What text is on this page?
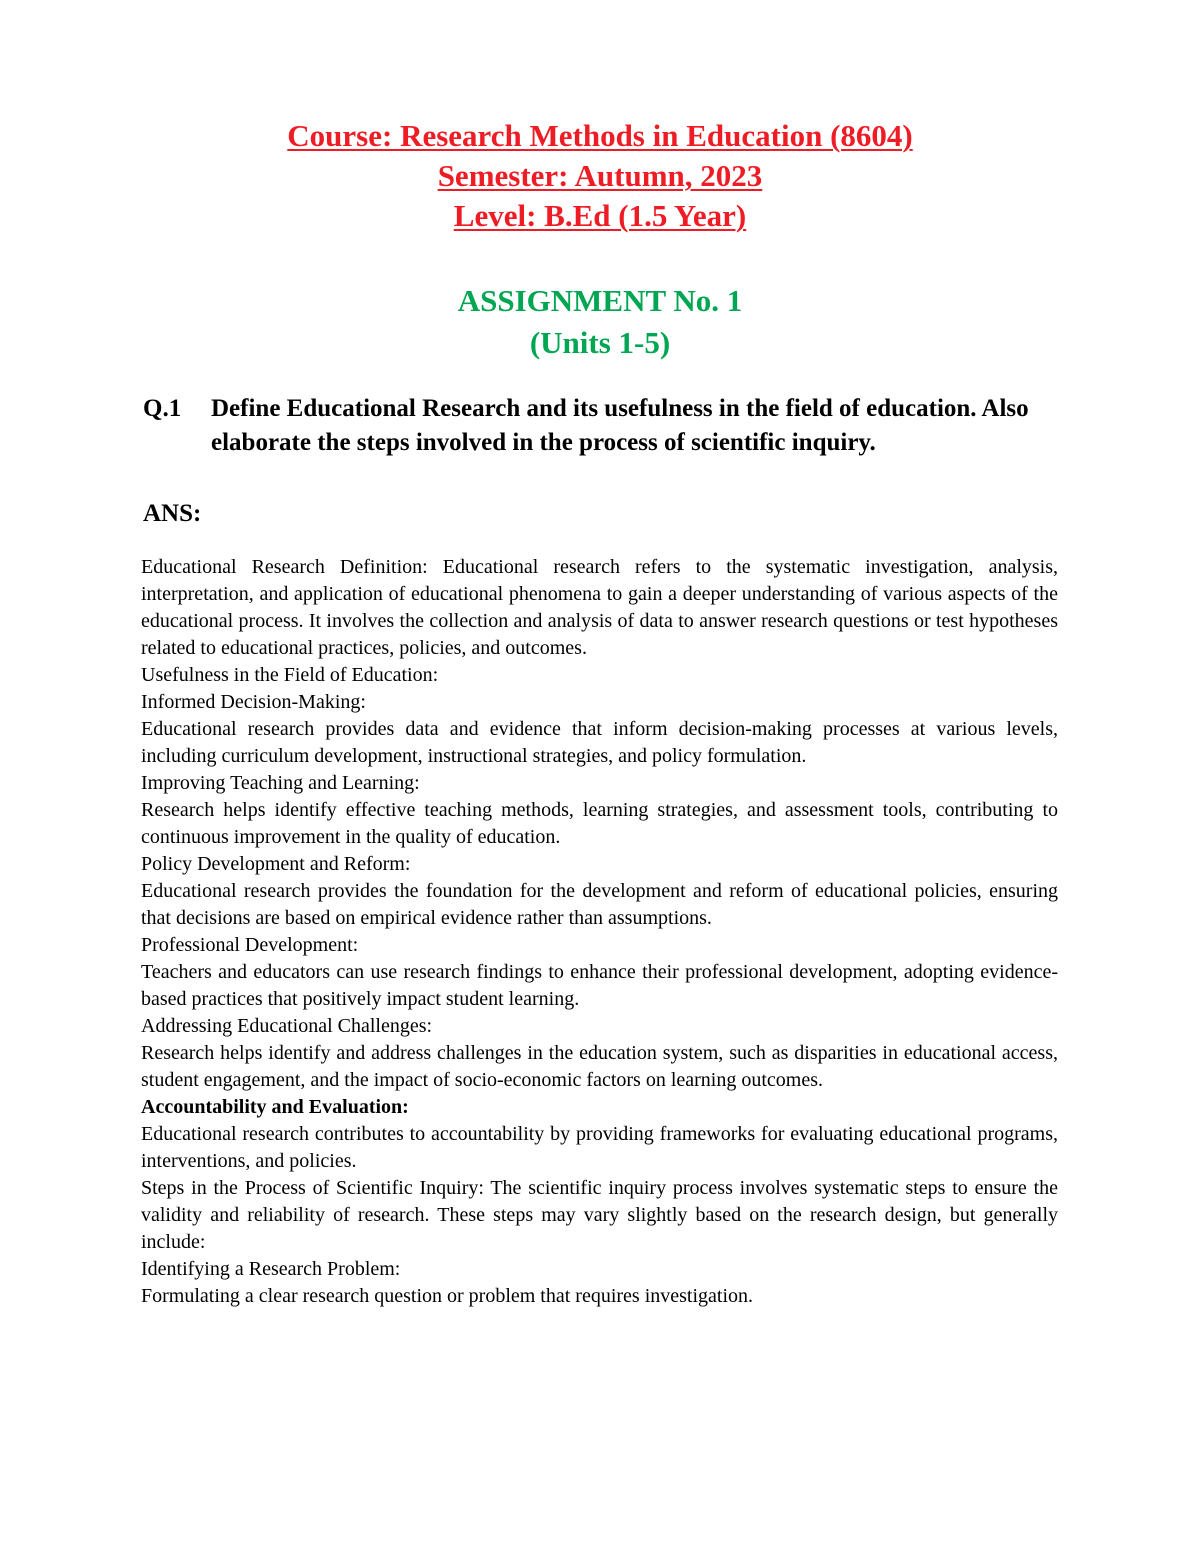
Course: Research Methods in Education (8604)
Semester: Autumn, 2023
Level: B.Ed (1.5 Year)
ASSIGNMENT No. 1
(Units 1-5)
Q.1 Define Educational Research and its usefulness in the field of education. Also elaborate the steps involved in the process of scientific inquiry.
ANS:

Educational Research Definition: Educational research refers to the systematic investigation, analysis, interpretation, and application of educational phenomena to gain a deeper understanding of various aspects of the educational process. It involves the collection and analysis of data to answer research questions or test hypotheses related to educational practices, policies, and outcomes.

Usefulness in the Field of Education:

Informed Decision-Making:

Educational research provides data and evidence that inform decision-making processes at various levels, including curriculum development, instructional strategies, and policy formulation.

Improving Teaching and Learning:

Research helps identify effective teaching methods, learning strategies, and assessment tools, contributing to continuous improvement in the quality of education.

Policy Development and Reform:

Educational research provides the foundation for the development and reform of educational policies, ensuring that decisions are based on empirical evidence rather than assumptions.

Professional Development:

Teachers and educators can use research findings to enhance their professional development, adopting evidence-based practices that positively impact student learning.

Addressing Educational Challenges:

Research helps identify and address challenges in the education system, such as disparities in educational access, student engagement, and the impact of socio-economic factors on learning outcomes.

Accountability and Evaluation:

Educational research contributes to accountability by providing frameworks for evaluating educational programs, interventions, and policies.

Steps in the Process of Scientific Inquiry: The scientific inquiry process involves systematic steps to ensure the validity and reliability of research. These steps may vary slightly based on the research design, but generally include:

Identifying a Research Problem:

Formulating a clear research question or problem that requires investigation.
